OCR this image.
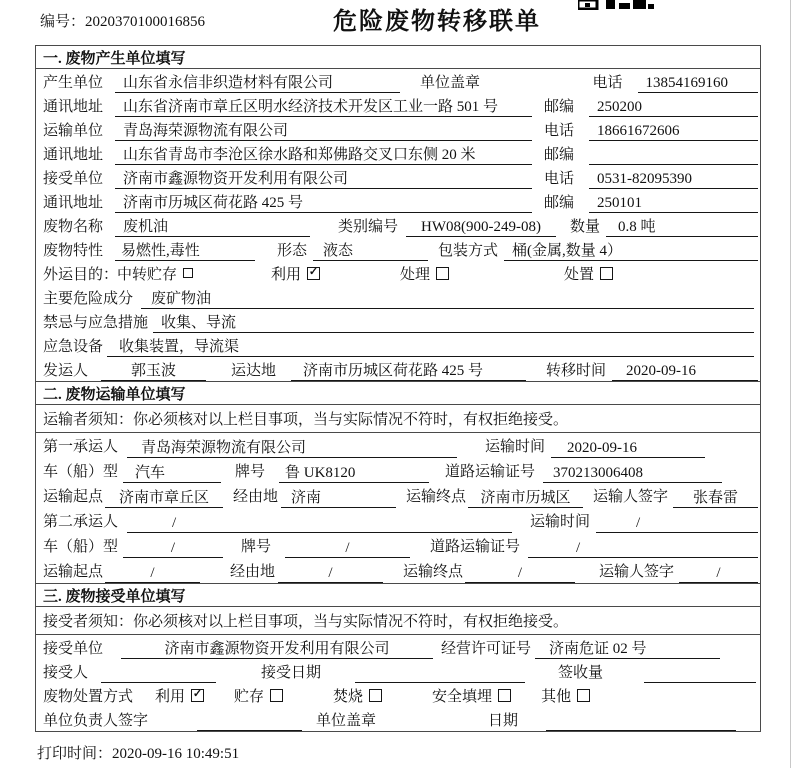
编号：2020370100016856	危险废物转移联单
一. 废物产生单位填写
产生单位	山东省永信非织造材料有限公司	单位盖章	电话	13854169160
通讯地址	山东省济南市章丘区明水经济技术开发区工业一路 501 号	邮编	250200
运输单位	青岛海荣源物流有限公司	电话	18661672606
通讯地址	山东省青岛市李沧区徐水路和郑佛路交叉口东侧 20 米	邮编
接受单位	济南市鑫源物资开发利用有限公司	电话	0531-82095390
通讯地址	济南市历城区荷花路 425 号	邮编	250101
废物名称	废机油	类别编号	HW08(900-249-08)	数量	0.8 吨
废物特性	易燃性,毒性	形态	液态	包装方式 桶(金属,数量 4）
外运目的：
中转贮存	利用 ✓	处理	处置
主要危险成分	废矿物油
禁忌与应急措施 收集、导流
应急设备	收集装置，导流渠
发运人	郭玉波	运达地	济南市历城区荷花路 425 号	转移时间	2020-09-16
二. 废物运输单位填写
运输者须知：你必须核对以上栏目事项，当与实际情况不符时，有权拒绝接受。
第一承运人	青岛海荣源物流有限公司	运输时间	2020-09-16
车（船）型	汽车	牌号	鲁 UK8120	道路运输证号	370213006408
运输起点	济南市章丘区	经由地 济南	运输终点 济南市历城区	运输人签字	张春雷
第二承运人	/	运输时间	/
车（船）型	/	牌号	/	道路运输证号	/
运输起点	/	经由地	/	运输终点	/	运输人签字	/
三. 废物接受单位填写
接受者须知：你必须核对以上栏目事项，当与实际情况不符时，有权拒绝接受。
接受单位	济南市鑫源物资开发利用有限公司	经营许可证号	济南危证 02 号
接受人	接受日期	签收量
废物处置方式	利用 ✓	贮存	焚烧	安全填埋	其他
单位负责人签字	单位盖章	日期
打印时间：2020-09-16 10:49:51
